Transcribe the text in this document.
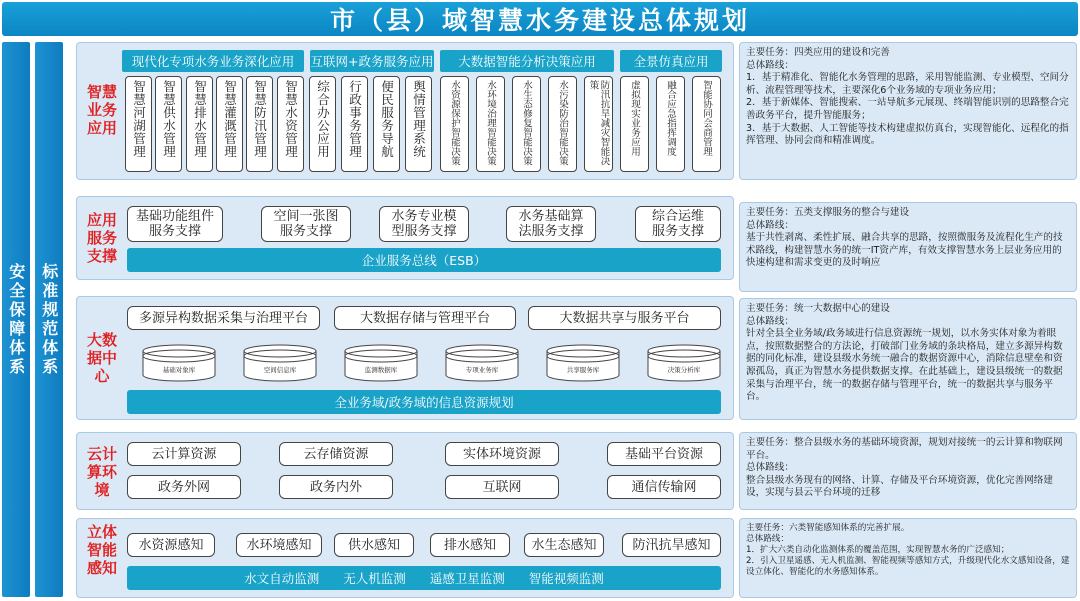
市（县）域智慧水务建设总体规划
安全保障体系 标准规范体系
智慧业务应用
现代化专项水务业务深化应用	互联网+政务服务应用	大数据智能分析决策应用	全景仿真应用
智慧河湖管理 智慧供水管理 智慧排水管理 智慧灌溉管理 智慧防汛管理 智慧水资管理 综合办公应用 行政事务管理 便民服务导航 舆情管理系统 水资源保护智能决策	水环境治理智能决策	水生态修复智能决策	水污染防治智能决策	防汛抗旱减灾智能决策	虚拟现实业务应用	融合应急指挥调度	智能协同会商管理
主要任务：四类应用的建设和完善
总体路线：
1．基于精准化、智能化水务管理的思路，采用智能监测、专业模型、空间分析、流程管理等技术，主要深化6个业务域的专项业务应用；
2．基于新媒体、智能搜索、一站导航多元展现、终端智能识别的思路整合完善政务平台，提升智能服务；
3．基于大数据、人工智能等技术构建虚拟仿真台，实现智能化、远程化的指挥管理、协同会商和精准调度。
应用服务支撑
基础功能组件服务支撑
空间一张图服务支撑
水务专业模型服务支撑
水务基础算法服务支撑
综合运维服务支撑
企业服务总线（ESB）
主要任务：五类支撑服务的整合与建设
总体路线：
基于共性剥离、柔性扩展、融合共享的思路，按照微服务及流程化生产的技术路线，构建智慧水务的统一IT资产库，有效支撑智慧水务上层业务应用的快速构建和需求变更的及时响应
大数据中心
多源异构数据采集与治理平台	大数据存储与管理平台	大数据共享与服务平台
基础对象库	空间信息库	监测数据库	专项业务库	共享服务库	决策分析库
全业务域/政务域的信息资源规划
主要任务：统一大数据中心的建设
总体路线：
针对全县全业务域/政务域进行信息资源统一规划，以水务实体对象为着眼点，按照数据整合的方法论，打破部门业务域的条块格局，建立多源异构数据的同化标准，建设县级水务统一融合的数据资源中心，消除信息壁垒和资源孤岛，真正为智慧水务提供数据支撑。在此基础上，建设县级统一的数据采集与治理平台，统一的数据存储与管理平台，统一的数据共享与服务平台。
云计算环境
云计算资源	云存储资源	实体环境资源	基础平台资源
政务外网	政务内外	互联网	通信传输网
主要任务：整合县级水务的基础环境资源，规划对接统一的云计算和物联网平台。
总体路线：
整合县级水务现有的网络、计算、存储及平台环境资源，优化完善网络建设，实现与县云平台环境的迁移
立体智能感知
水资源感知	水环境感知	供水感知	排水感知	水生态感知	防汛抗旱感知
水文自动监测 无人机监测 遥感卫星监测 智能视频监测
主要任务：六类智能感知体系的完善扩展。
总体路线：
1．扩大六类自动化监测体系的覆盖范围，实现智慧水务的广泛感知；
2．引入卫星遥感、无人机监测、智能视频等感知方式，升级现代化水文感知设备，建设立体化、智能化的水务感知体系。
